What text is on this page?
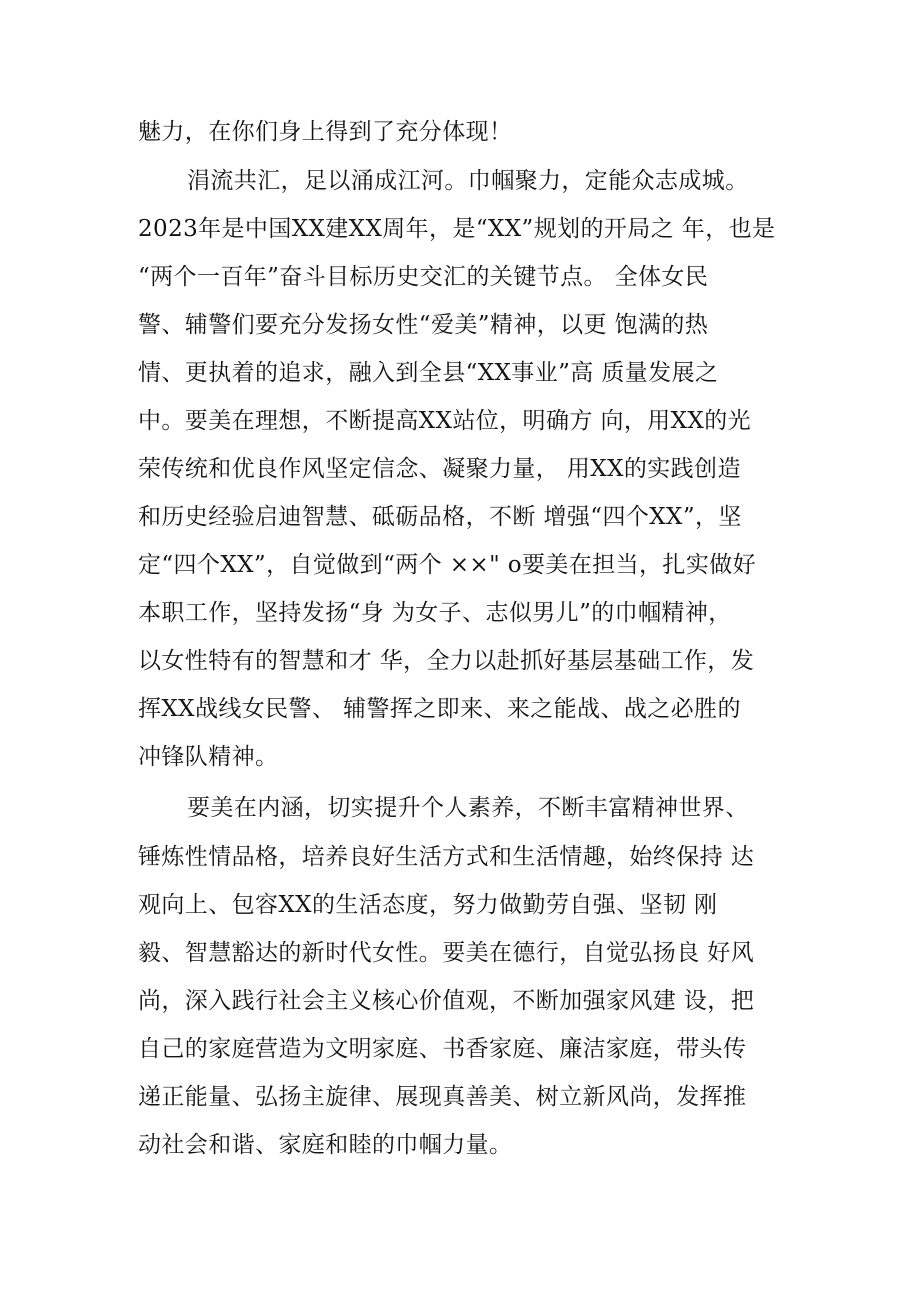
魅力，在你们身上得到了充分体现！
涓流共汇，足以涌成江河。巾帼聚力，定能众志成城。
2023年是中国XX建XX周年，是“XX”规划的开局之 年，也是
“两个一百年”奋斗目标历史交汇的关键节点。 全体女民
警、辅警们要充分发扬女性“爱美”精神，以更 饱满的热
情、更执着的追求，融入到全县“XX事业”高 质量发展之
中。要美在理想，不断提高XX站位，明确方 向，用XX的光
荣传统和优良作风坚定信念、凝聚力量， 用XX的实践创造
和历史经验启迪智慧、砥砺品格，不断 增强“四个XX”，坚
定“四个XX”，自觉做到“两个 ××" o要美在担当，扎实做好
本职工作，坚持发扬“身 为女子、志似男儿”的巾帼精神，
以女性特有的智慧和才 华，全力以赴抓好基层基础工作，发
挥XX战线女民警、 辅警挥之即来、来之能战、战之必胜的
冲锋队精神。
要美在内涵，切实提升个人素养，不断丰富精神世界、
锤炼性情品格，培养良好生活方式和生活情趣，始终保持 达
观向上、包容XX的生活态度，努力做勤劳自强、坚韧 刚
毅、智慧豁达的新时代女性。要美在德行，自觉弘扬良 好风
尚，深入践行社会主义核心价值观，不断加强家风建 设，把
自己的家庭营造为文明家庭、书香家庭、廉洁家庭，带头传
递正能量、弘扬主旋律、展现真善美、树立新风尚，发挥推
动社会和谐、家庭和睦的巾帼力量。
